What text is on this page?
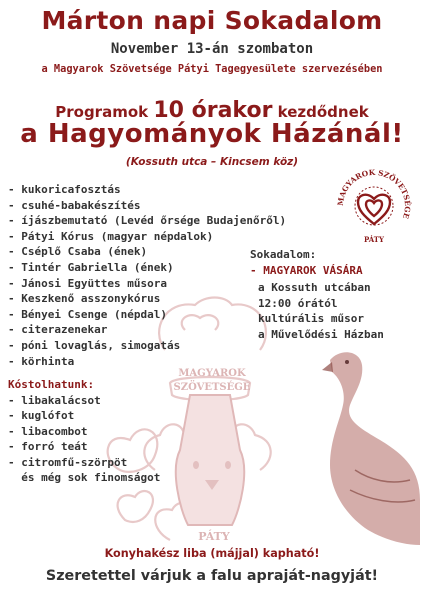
MAGYAROK
SZÖVETSÉGE
PÁTY
MAGYAROK SZÖVETSÉGE
PÁTY
Márton napi Sokadalom
November 13-án szombaton
a Magyarok Szövetsége Pátyi Tagegyesülete szervezésében
Programok 10 órakor kezdődnek
a Hagyományok Házánál!
(Kossuth utca – Kincsem köz)
- kukoricafosztás
- csuhé-babakészítés
- íjászbemutató (Levéd őrsége Budajenőről)
- Pátyi Kórus (magyar népdalok)
- Cséplő Csaba (ének)
- Tintér Gabriella (ének)
- Jánosi Együttes műsora
- Keszkenő asszonykórus
- Bényei Csenge (népdal)
- citerazenekar
- póni lovaglás, simogatás
- körhinta
Sokadalom:
- MAGYAROK VÁSÁRA
a Kossuth utcában
12:00 órától
kultúrális műsor
a Művelődési Házban
Kóstolhatunk:
- libakalácsot
- kuglófot
- libacombot
- forró teát
- citromfű-szörpöt
és még sok finomságot
Konyhakész liba (májjal) kapható!
Szeretettel várjuk a falu apraját-nagyját!
